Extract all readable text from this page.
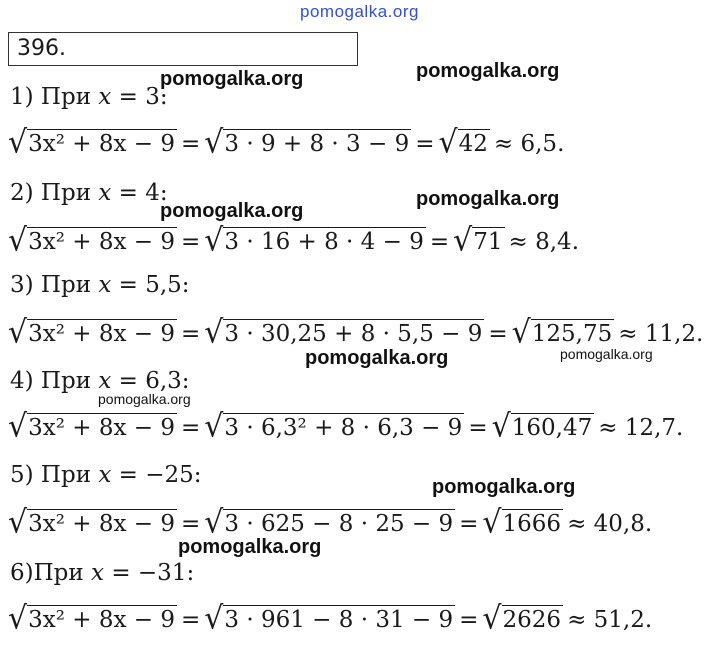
pomogalka.org
pomogalka.org	pomogalka.org
pomogalka.org
pomogalka.org
pomogalka.org	pomogalka.org
pomogalka.org
pomogalka.org
pomogalka.org
396.
1) При x = 3:
√ 3x² + 8x − 9 = √ 3 · 9 + 8 · 3 − 9 = √ 42 ≈ 6,5.
2) При x = 4:
√ 3x² + 8x − 9 = √ 3 · 16 + 8 · 4 − 9 = √ 71 ≈ 8,4.
3) При x = 5,5:
√ 3x² + 8x − 9 = √ 3 · 30,25 + 8 · 5,5 − 9 = √ 125,75 ≈ 11,2.
4) При x = 6,3:
√ 3x² + 8x − 9 = √ 3 · 6,3² + 8 · 6,3 − 9 = √ 160,47 ≈ 12,7.
5) При x = −25:
√ 3x² + 8x − 9 = √ 3 · 625 − 8 · 25 − 9 = √ 1666 ≈ 40,8.
6)При x = −31:
√ 3x² + 8x − 9 = √ 3 · 961 − 8 · 31 − 9 = √ 2626 ≈ 51,2.
